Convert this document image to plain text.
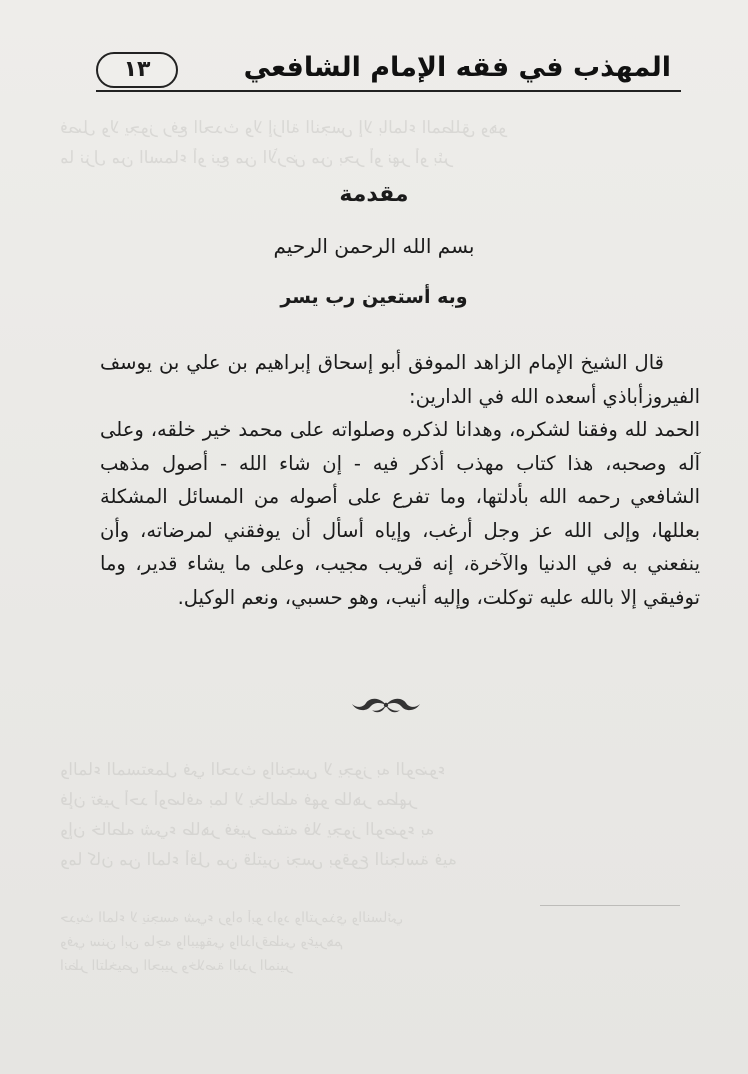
فصل ولا يجوز رفع الحدث ولا إزالة النجس إلا بالماء المطلق وهو
ما نزل من السماء أو نبع من الأرض من بحر أو نهر أو بئر
والماء المستعمل في الحدث والنجس لا يجوز به الوضوء
فإن تغير أحد أوصافه بما لا يخالطه فهو طاهر مطهر
وإن خالطه شيء طاهر فغير صفته فلا يجوز الوضوء به
وما كان من الماء أقل من قلتين نجس بوقوع النجاسة فيه
حديث الماء لا ينجسه شيء رواه أبو داود والترمذي والنسائي
وفي سنن ابن ماجه والبيهقي والدارقطني وغيرهم
انظر التلخيص الحبير وخلاصة البدر المنير
المهذب في فقه الإمام الشافعي
١٣
مقدمة
بسم الله الرحمن الرحيم
وبه أستعين رب يسر

قال الشيخ الإمام الزاهد الموفق أبو إسحاق إبراهيم بن علي بن يوسف الفيروزأباذي أسعده الله في الدارين:

الحمد لله وفقنا لشكره، وهدانا لذكره وصلواته على محمد خير خلقه، وعلى آله وصحبه، هذا كتاب مهذب أذكر فيه - إن شاء الله - أصول مذهب الشافعي رحمه الله بأدلتها، وما تفرع على أصوله من المسائل المشكلة بعللها، وإلى الله عز وجل أرغب، وإياه أسأل أن يوفقني لمرضاته، وأن ينفعني به في الدنيا والآخرة، إنه قريب مجيب، وعلى ما يشاء قدير، وما توفيقي إلا بالله عليه توكلت، وإليه أنيب، وهو حسبي، ونعم الوكيل.
